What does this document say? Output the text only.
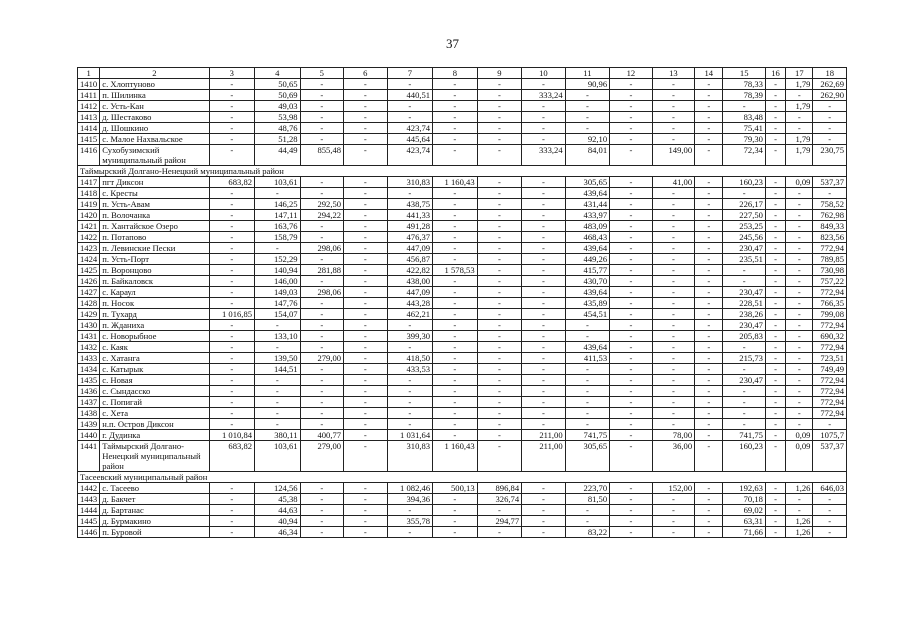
37
1	2	3	4	5	6	7	8	9	10	11	12	13	14	15	16	17	18
1410	с. Хлоптуново	-	50,65	-	-	-	-	-	-	90,96	-	-	-	78,33	-	1,79	262,69
1411	п. Шилинка	-	50,69	-	-	440,51	-	-	333,24	-	-	-	-	78,39	-	-	262,90
1412	с. Усть-Кан	-	49,03	-	-	-	-	-	-	-	-	-	-	-	-	1,79	-
1413	д. Шестаково	-	53,98	-	-	-	-	-	-	-	-	-	-	83,48	-	-	-
1414	д. Шошкино	-	48,76	-	-	423,74	-	-	-	-	-	-	-	75,41	-	-	-
1415	с. Малое Нахвальское	-	51,28	-	-	445,64	-	-	-	92,10	-	-	-	79,30	-	1,79	-
1416	Сухобузимский муниципальный район	-	44,49	855,48	-	423,74	-	-	333,24	84,01	-	149,00	-	72,34	-	1,79	230,75
Таймырский Долгано-Ненецкий муниципальный район																	
1417	пгт Диксон	683,82	103,61	-	-	310,83	1 160,43	-	-	305,65	-	41,00	-	160,23	-	0,09	537,37
1418	с. Кресты	-	-	-	-	-	-	-	-	439,64	-	-	-	-	-	-	-
1419	п. Усть-Авам	-	146,25	292,50	-	438,75	-	-	-	431,44	-	-	-	226,17	-	-	758,52
1420	п. Волочанка	-	147,11	294,22	-	441,33	-	-	-	433,97	-	-	-	227,50	-	-	762,98
1421	п. Хантайское Озеро	-	163,76	-	-	491,28	-	-	-	483,09	-	-	-	253,25	-	-	849,33
1422	п. Потапово	-	158,79	-	-	476,37	-	-	-	468,43	-	-	-	245,56	-	-	823,56
1423	п. Левинские Пески	-	-	298,06	-	447,09	-	-	-	439,64	-	-	-	230,47	-	-	772,94
1424	п. Усть-Порт	-	152,29	-	-	456,87	-	-	-	449,26	-	-	-	235,51	-	-	789,85
1425	п. Воронцово	-	140,94	281,88	-	422,82	1 578,53	-	-	415,77	-	-	-	-	-	-	730,98
1426	п. Байкаловск	-	146,00	-	-	438,00	-	-	-	430,70	-	-	-	-	-	-	757,22
1427	с. Караул	-	149,03	298,06	-	447,09	-	-	-	439,64	-	-	-	230,47	-	-	772,94
1428	п. Носок	-	147,76	-	-	443,28	-	-	-	435,89	-	-	-	228,51	-	-	766,35
1429	п. Тухард	1 016,85	154,07	-	-	462,21	-	-	-	454,51	-	-	-	238,26	-	-	799,08
1430	п. Жданиха	-	-	-	-	-	-	-	-	-	-	-	-	230,47	-	-	772,94
1431	с. Новорыбное	-	133,10	-	-	399,30	-	-	-	-	-	-	-	205,83	-	-	690,32
1432	с. Каяк	-	-	-	-	-	-	-	-	439,64	-	-	-	-	-	-	772,94
1433	с. Хатанга	-	139,50	279,00	-	418,50	-	-	-	411,53	-	-	-	215,73	-	-	723,51
1434	с. Катырык	-	144,51	-	-	433,53	-	-	-	-	-	-	-	-	-	-	749,49
1435	с. Новая	-	-	-	-	-	-	-	-	-	-	-	-	230,47	-	-	772,94
1436	с. Сындасско	-	-	-	-	-	-	-	-	-	-	-	-	-	-	-	772,94
1437	с. Попигай	-	-	-	-	-	-	-	-	-	-	-	-	-	-	-	772,94
1438	с. Хета	-	-	-	-	-	-	-	-	-	-	-	-	-	-	-	772,94
1439	н.п. Остров Диксон	-	-	-	-	-	-	-	-	-	-	-	-	-	-	-	-
1440	г. Дудинка	1 010,84	380,11	400,77	-	1 031,64	-	-	211,00	741,75	-	78,00	-	741,75	-	0,09	1075,7
1441	Таймырский Долгано-Ненецкий муниципальный район	683,82	103,61	279,00	-	310,83	1 160,43	-	211,00	305,65	-	36,00	-	160,23	-	0,09	537,37
Тасеевский муниципальный район																	
1442	с. Тасеево	-	124,56	-	-	1 082,46	500,13	896,84	-	223,70	-	152,00	-	192,63	-	1,26	646,03
1443	д. Бакчет	-	45,38	-	-	394,36	-	326,74	-	81,50	-	-	-	70,18	-	-	-
1444	д. Бартанас	-	44,63	-	-	-	-	-	-	-	-	-	-	69,02	-	-	-
1445	д. Бурмакино	-	40,94	-	-	355,78	-	294,77	-	-	-	-	-	63,31	-	1,26	-
1446	п. Буровой	-	46,34	-	-	-	-	-	-	83,22	-	-	-	71,66	-	1,26	-
